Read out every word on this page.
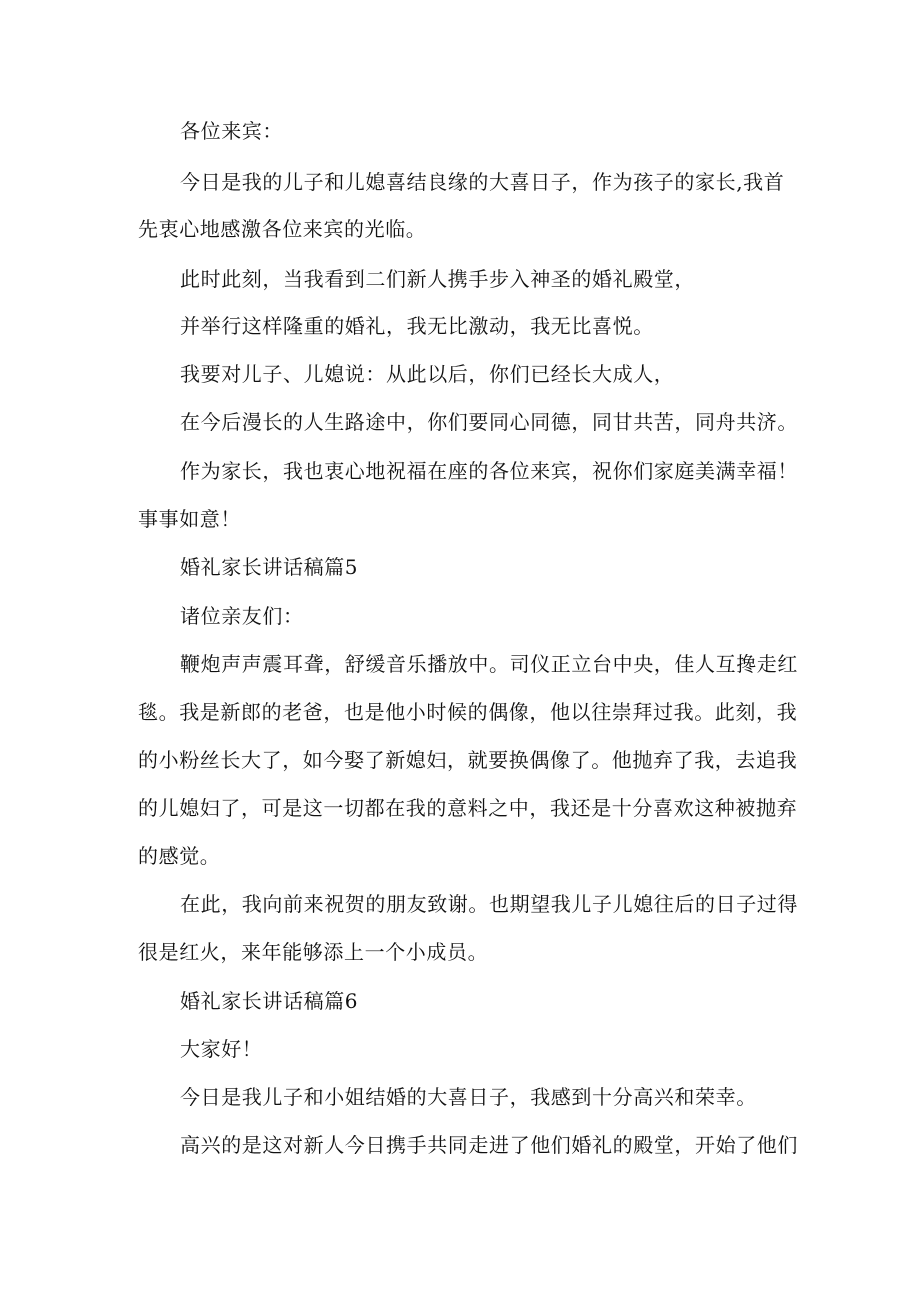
各位来宾：
今日是我的儿子和儿媳喜结良缘的大喜日子，作为孩子的家长,我首
先衷心地感激各位来宾的光临。
此时此刻，当我看到二们新人携手步入神圣的婚礼殿堂，
并举行这样隆重的婚礼，我无比激动，我无比喜悦。
我要对儿子、儿媳说：从此以后，你们已经长大成人，
在今后漫长的人生路途中，你们要同心同德，同甘共苦，同舟共济。
作为家长，我也衷心地祝福在座的各位来宾，祝你们家庭美满幸福！
事事如意！
婚礼家长讲话稿篇5
诸位亲友们：
鞭炮声声震耳聋，舒缓音乐播放中。司仪正立台中央，佳人互搀走红
毯。我是新郎的老爸，也是他小时候的偶像，他以往崇拜过我。此刻，我
的小粉丝长大了，如今娶了新媳妇，就要换偶像了。他抛弃了我，去追我
的儿媳妇了，可是这一切都在我的意料之中，我还是十分喜欢这种被抛弃
的感觉。
在此，我向前来祝贺的朋友致谢。也期望我儿子儿媳往后的日子过得
很是红火，来年能够添上一个小成员。
婚礼家长讲话稿篇6
大家好！
今日是我儿子和小姐结婚的大喜日子，我感到十分高兴和荣幸。
高兴的是这对新人今日携手共同走进了他们婚礼的殿堂，开始了他们
